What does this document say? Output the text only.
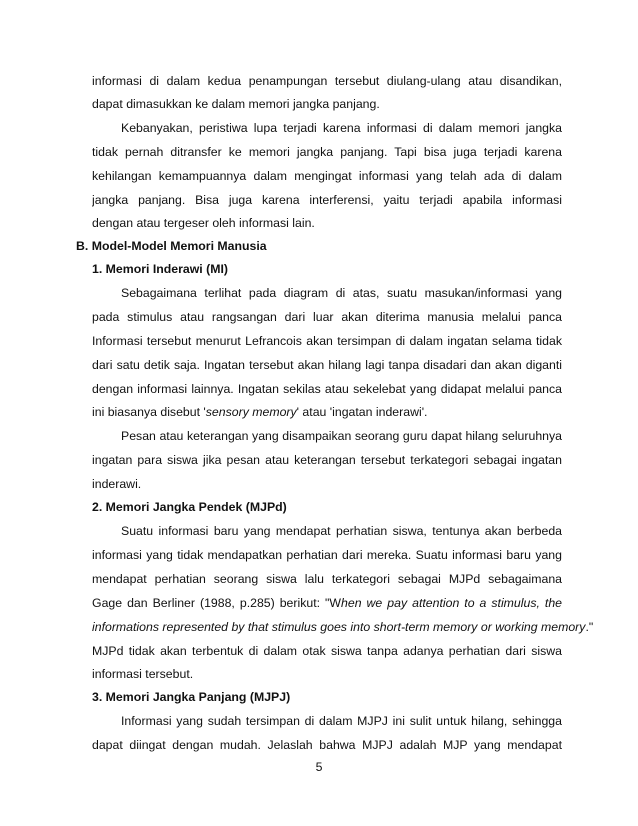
informasi di dalam kedua penampungan tersebut diulang-ulang atau disandikan,
dapat dimasukkan ke dalam memori jangka panjang.
Kebanyakan, peristiwa lupa terjadi karena informasi di dalam memori jangka
tidak pernah ditransfer ke memori jangka panjang. Tapi bisa juga terjadi karena
kehilangan kemampuannya dalam mengingat informasi yang telah ada di dalam
jangka panjang. Bisa juga karena interferensi, yaitu terjadi apabila informasi
dengan atau tergeser oleh informasi lain.
B. Model-Model Memori Manusia
1. Memori Inderawi (MI)
Sebagaimana terlihat pada diagram di atas, suatu masukan/informasi yang
pada stimulus atau rangsangan dari luar akan diterima manusia melalui panca
Informasi tersebut menurut Lefrancois akan tersimpan di dalam ingatan selama tidak
dari satu detik saja. Ingatan tersebut akan hilang lagi tanpa disadari dan akan diganti
dengan informasi lainnya. Ingatan sekilas atau sekelebat yang didapat melalui panca
ini biasanya disebut 'sensory memory' atau 'ingatan inderawi'.
Pesan atau keterangan yang disampaikan seorang guru dapat hilang seluruhnya
ingatan para siswa jika pesan atau keterangan tersebut terkategori sebagai ingatan
inderawi.
2. Memori Jangka Pendek (MJPd)
Suatu informasi baru yang mendapat perhatian siswa, tentunya akan berbeda
informasi yang tidak mendapatkan perhatian dari mereka. Suatu informasi baru yang
mendapat perhatian seorang siswa lalu terkategori sebagai MJPd sebagaimana
Gage dan Berliner (1988, p.285) berikut: "When we pay attention to a stimulus, the
informations represented by that stimulus goes into short-term memory or working memory."
MJPd tidak akan terbentuk di dalam otak siswa tanpa adanya perhatian dari siswa
informasi tersebut.
3. Memori Jangka Panjang (MJPJ)
Informasi yang sudah tersimpan di dalam MJPJ ini sulit untuk hilang, sehingga
dapat diingat dengan mudah. Jelaslah bahwa MJPJ adalah MJP yang mendapat
5
